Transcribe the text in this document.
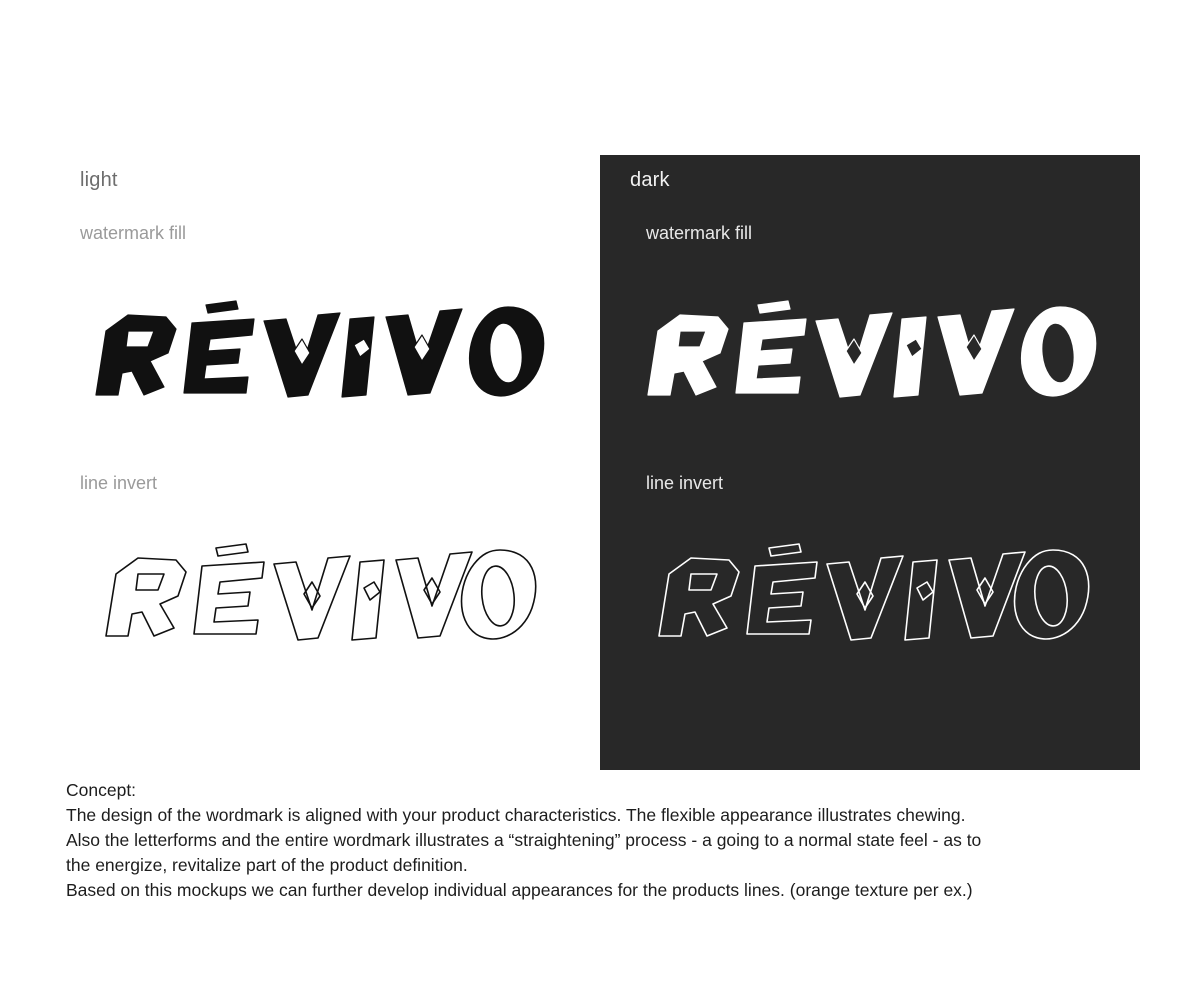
light
watermark fill
line invert
dark
watermark fill
line invert
Concept:
The design of the wordmark is aligned with your product characteristics. The flexible appearance illustrates chewing.
Also the letterforms and the entire wordmark illustrates a “straightening” process - a going to a normal state feel - as to
the energize, revitalize part of the product definition.
Based on this mockups we can further develop individual appearances for the products lines. (orange texture per ex.)
